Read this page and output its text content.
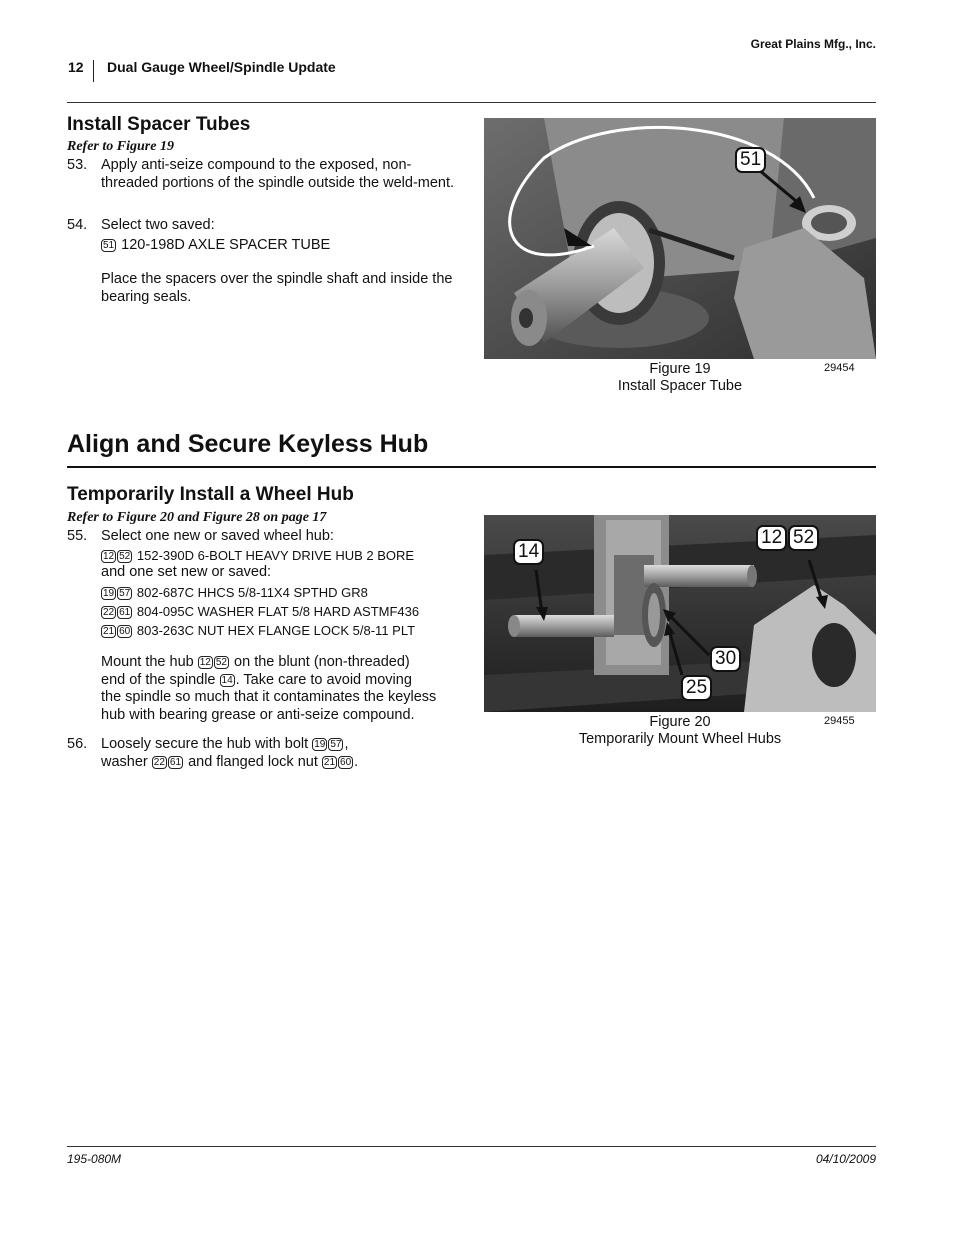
Great Plains Mfg., Inc.
12 Dual Gauge Wheel/Spindle Update
Install Spacer Tubes
Refer to Figure 19
53. Apply anti-seize compound to the exposed, non-threaded portions of the spindle outside the weld-ment.
54. Select two saved:
51 120-198D AXLE SPACER TUBE
Place the spacers over the spindle shaft and inside the bearing seals.
51
Figure 19
Install Spacer Tube
29454
Align and Secure Keyless Hub
Temporarily Install a Wheel Hub
Refer to Figure 20 and Figure 28 on page 17
55. Select one new or saved wheel hub:
12 52 152-390D 6-BOLT HEAVY DRIVE HUB 2 BORE
and one set new or saved:
19 57 802-687C HHCS 5/8-11X4 SPTHD GR8
22 61 804-095C WASHER FLAT 5/8 HARD ASTMF436
21 60 803-263C NUT HEX FLANGE LOCK 5/8-11 PLT
Mount the hub 12 52 on the blunt (non-threaded)
end of the spindle 14 . Take care to avoid moving
the spindle so much that it contaminates the keyless
hub with bearing grease or anti-seize compound.
56. Loosely secure the hub with bolt 19 57 ,
washer 22 61 and flanged lock nut 21 60 .
14
12 52
30
25
Figure 20
Temporarily Mount Wheel Hubs
29455
195-080M	04/10/2009
